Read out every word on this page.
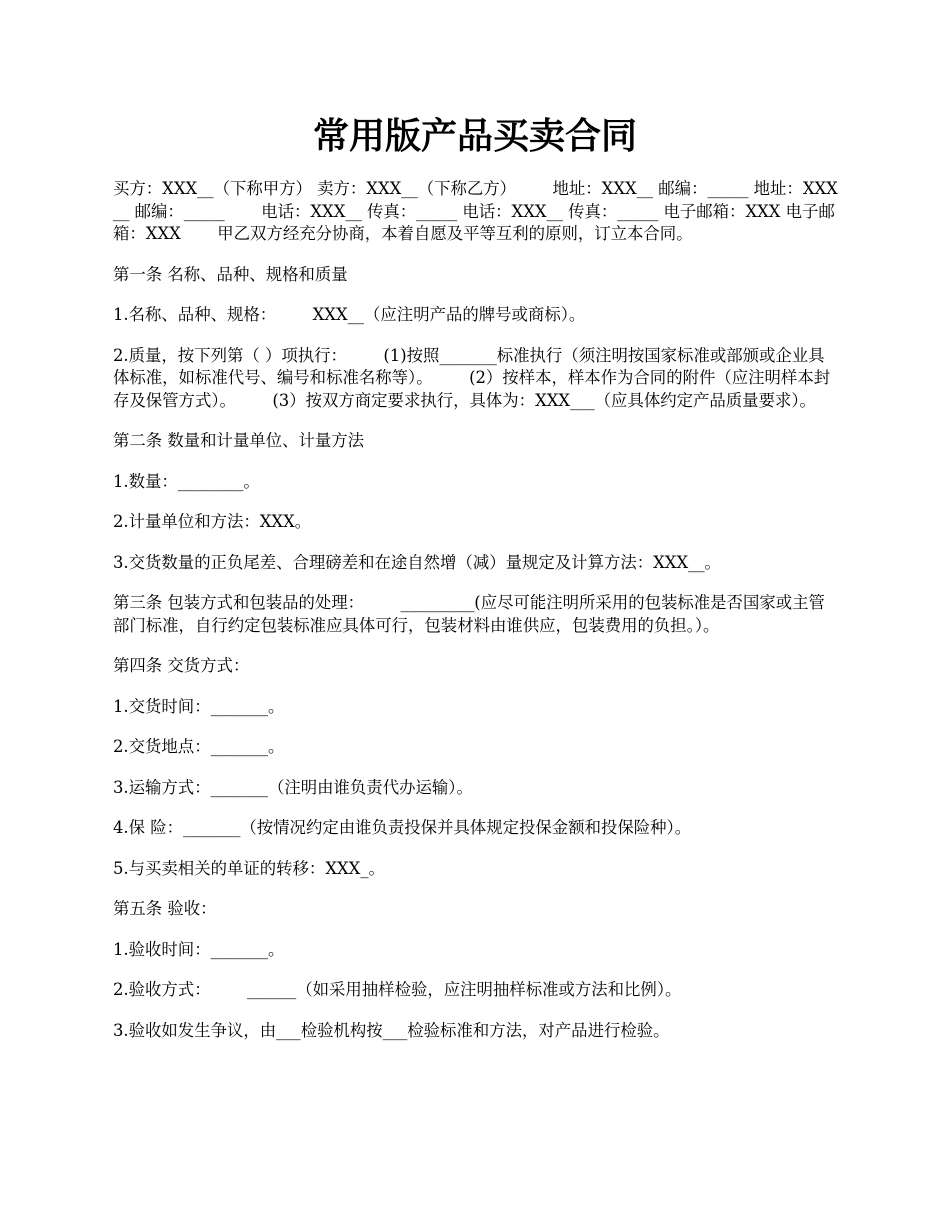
常用版产品买卖合同

买方：XXX__（下称甲方） 卖方：XXX__（下称乙方）       地址：XXX__ 邮编：_____ 地址：XXX__ 邮编：_____       电话：XXX__ 传真：_____ 电话：XXX__ 传真：_____ 电子邮箱：XXX 电子邮箱：XXX       甲乙双方经充分协商，本着自愿及平等互利的原则，订立本合同。

第一条 名称、品种、规格和质量

1.名称、品种、规格：       XXX__（应注明产品的牌号或商标）。

2.质量，按下列第（ ）项执行：       (1)按照_______标准执行（须注明按国家标准或部颁或企业具体标准，如标准代号、编号和标准名称等）。       (2）按样本，样本作为合同的附件（应注明样本封存及保管方式）。       (3）按双方商定要求执行，具体为：XXX___（应具体约定产品质量要求）。

第二条 数量和计量单位、计量方法

1.数量：________。

2.计量单位和方法：XXX。

3.交货数量的正负尾差、合理磅差和在途自然增（减）量规定及计算方法：XXX__。

第三条 包装方式和包装品的处理：       _________(应尽可能注明所采用的包装标准是否国家或主管部门标准，自行约定包装标准应具体可行，包装材料由谁供应，包装费用的负担。）。

第四条 交货方式：

1.交货时间：_______。

2.交货地点：_______。

3.运输方式：_______（注明由谁负责代办运输）。

4.保 险：_______（按情况约定由谁负责投保并具体规定投保金额和投保险种）。

5.与买卖相关的单证的转移：XXX_。

第五条 验收：

1.验收时间：_______。

2.验收方式：       ______（如采用抽样检验，应注明抽样标准或方法和比例）。

3.验收如发生争议，由___检验机构按___检验标准和方法，对产品进行检验。
